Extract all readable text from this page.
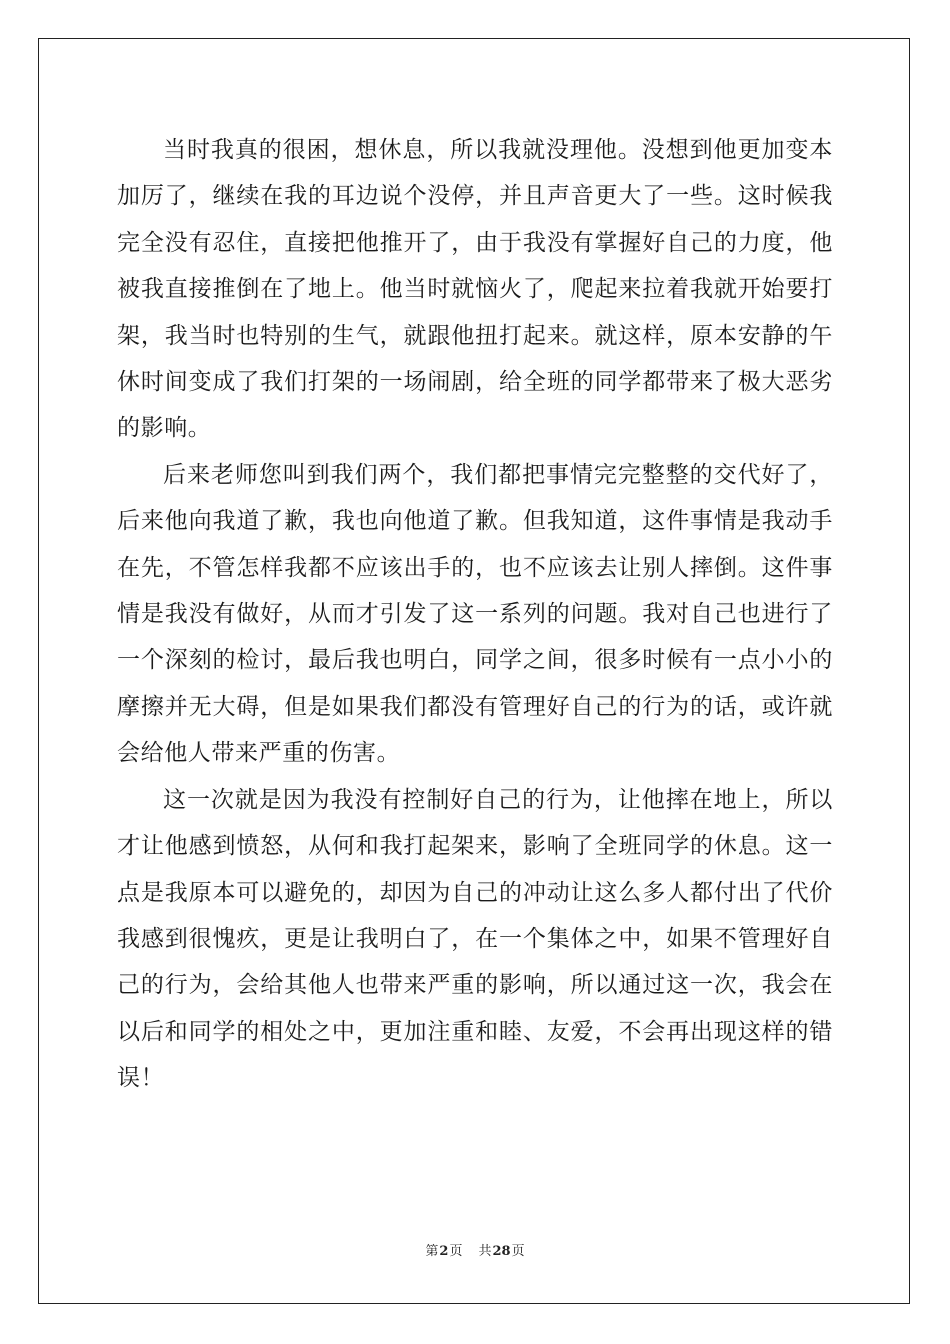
当时我真的很困，想休息，所以我就没理他。没想到他更加变本加厉了，继续在我的耳边说个没停，并且声音更大了一些。这时候我完全没有忍住，直接把他推开了，由于我没有掌握好自己的力度，他被我直接推倒在了地上。他当时就恼火了，爬起来拉着我就开始要打架，我当时也特别的生气，就跟他扭打起来。就这样，原本安静的午休时间变成了我们打架的一场闹剧，给全班的同学都带来了极大恶劣的影响。

后来老师您叫到我们两个，我们都把事情完完整整的交代好了，后来他向我道了歉，我也向他道了歉。但我知道，这件事情是我动手在先，不管怎样我都不应该出手的，也不应该去让别人摔倒。这件事情是我没有做好，从而才引发了这一系列的问题。我对自己也进行了一个深刻的检讨，最后我也明白，同学之间，很多时候有一点小小的摩擦并无大碍，但是如果我们都没有管理好自己的行为的话，或许就会给他人带来严重的伤害。

这一次就是因为我没有控制好自己的行为，让他摔在地上，所以才让他感到愤怒，从何和我打起架来，影响了全班同学的休息。这一点是我原本可以避免的，却因为自己的冲动让这么多人都付出了代价我感到很愧疚，更是让我明白了，在一个集体之中，如果不管理好自己的行为，会给其他人也带来严重的影响，所以通过这一次，我会在以后和同学的相处之中，更加注重和睦、友爱，不会再出现这样的错误！

第2页 共28页
